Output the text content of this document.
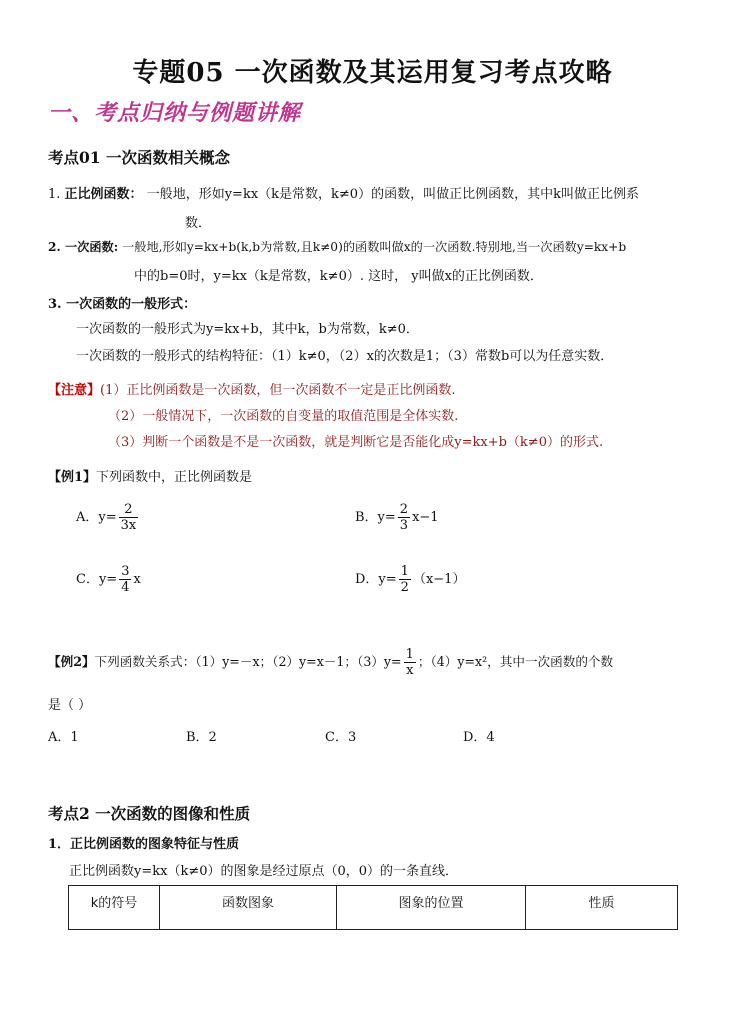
专题05 一次函数及其运用复习考点攻略
一、考点归纳与例题讲解
考点01 一次函数相关概念
1. 正比例函数： 一般地，形如y=kx（k是常数，k≠0）的函数，叫做正比例函数，其中k叫做正比例系
数．
2. 一次函数: 一般地,形如y=kx+b(k,b为常数,且k≠0)的函数叫做x的一次函数.特别地,当一次函数y=kx+b
中的b=0时，y=kx（k是常数，k≠0）. 这时， y叫做x的正比例函数．
3. 一次函数的一般形式：
一次函数的一般形式为y=kx+b，其中k，b为常数，k≠0．
一次函数的一般形式的结构特征：（1）k≠0，（2）x的次数是1；（3）常数b可以为任意实数．
【注意】(1）正比例函数是一次函数，但一次函数不一定是正比例函数.
（2）一般情况下，一次函数的自变量的取值范围是全体实数.
（3）判断一个函数是不是一次函数，就是判断它是否能化成y=kx+b（k≠0）的形式.
【例1】下列函数中，正比例函数是
A．$y= \frac{2}{3x}$	B．$y= \frac{2}{3} x-1$
C．$y= \frac{3}{4}$ x	D．$y= \frac{1}{2} (x-1)$
【例2】下列函数关系式：（1）y=－x；（2）y=x－1；$(3)y= \frac{1}{x}$ ；（4）y=x²，其中一次函数的个数
是（ ）
A．1	B．2	C．3	D．4
考点2 一次函数的图像和性质
1．正比例函数的图象特征与性质
正比例函数y=kx（k≠0）的图象是经过原点（0，0）的一条直线．
k的符号	函数图象	图象的位置	性质
